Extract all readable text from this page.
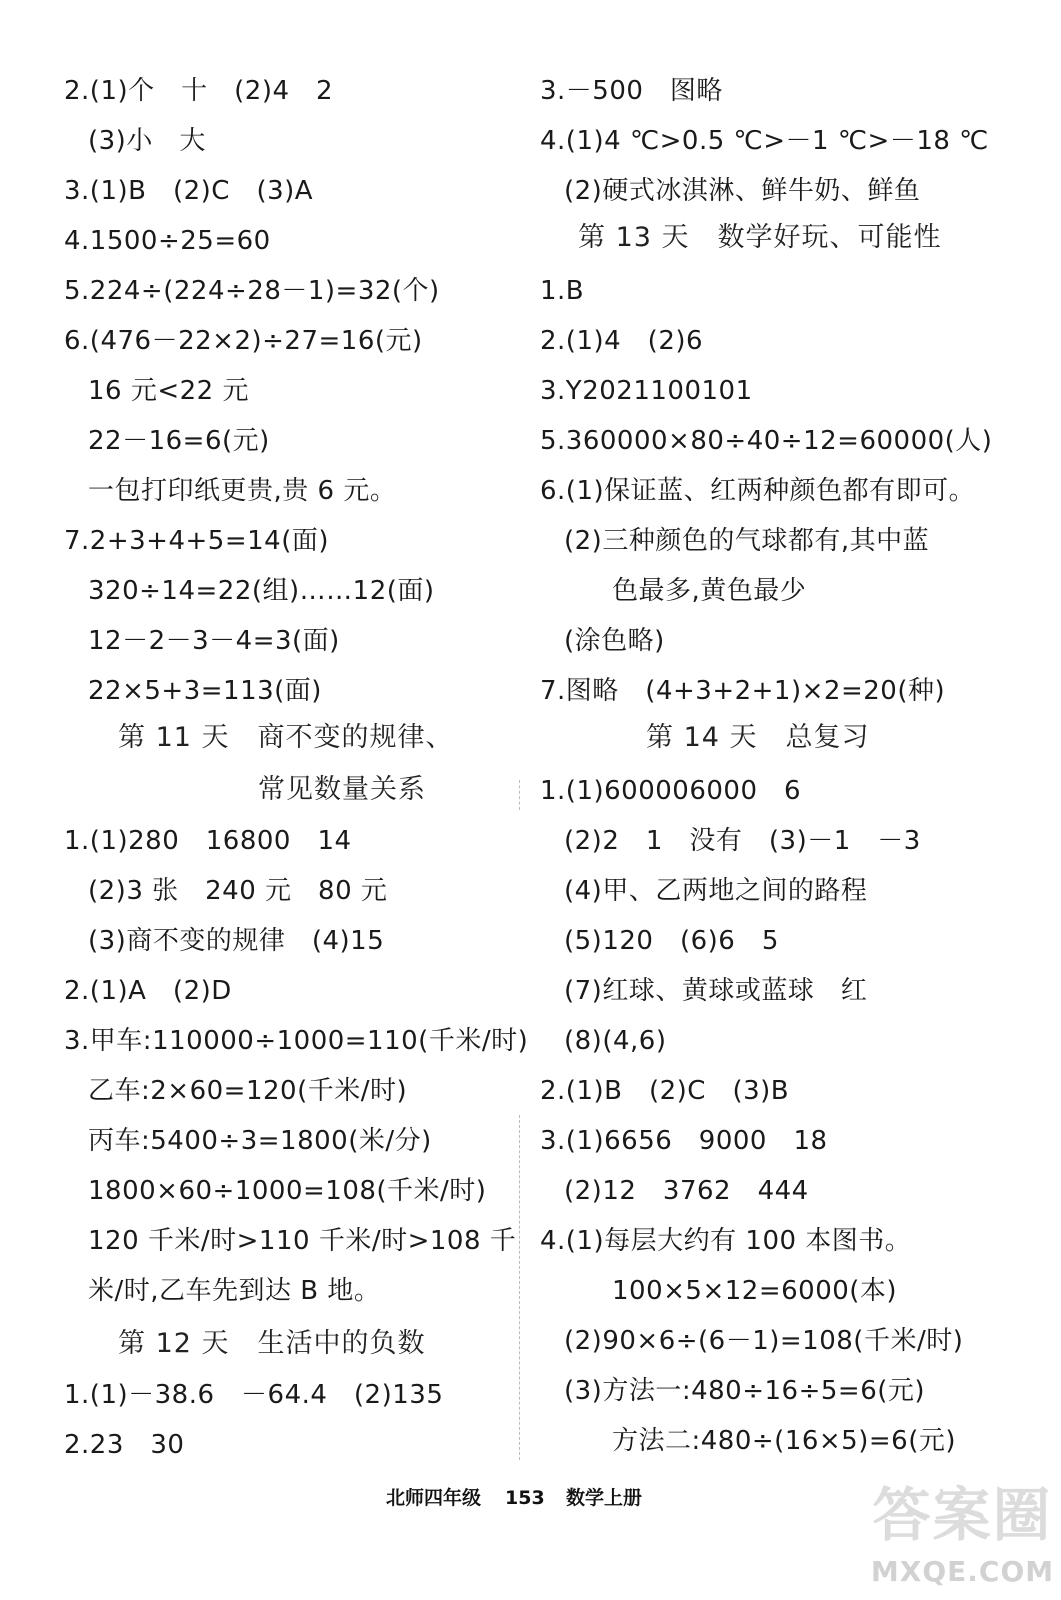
2.(1)个　十　(2)4　2
(3)小　大
3.(1)B　(2)C　(3)A
4.1500÷25=60
5.224÷(224÷28－1)=32(个)
6.(476－22×2)÷27=16(元)
16 元<22 元
22－16=6(元)
一包打印纸更贵,贵 6 元。
7.2+3+4+5=14(面)
320÷14=22(组)……12(面)
12－2－3－4=3(面)
22×5+3=113(面)
第 11 天　商不变的规律、
常见数量关系
1.(1)280　16800　14
(2)3 张　240 元　80 元
(3)商不变的规律　(4)15
2.(1)A　(2)D
3.甲车:110000÷1000=110(千米/时)
乙车:2×60=120(千米/时)
丙车:5400÷3=1800(米/分)
1800×60÷1000=108(千米/时)
120 千米/时>110 千米/时>108 千
米/时,乙车先到达 B 地。
第 12 天　生活中的负数
1.(1)－38.6　－64.4　(2)135
2.23　30
3.－500　图略
4.(1)4 ℃>0.5 ℃>－1 ℃>－18 ℃
(2)硬式冰淇淋、鲜牛奶、鲜鱼
第 13 天　数学好玩、可能性
1.B
2.(1)4　(2)6
3.Y2021100101
5.360000×80÷40÷12=60000(人)
6.(1)保证蓝、红两种颜色都有即可。
(2)三种颜色的气球都有,其中蓝
色最多,黄色最少
(涂色略)
7.图略　(4+3+2+1)×2=20(种)
第 14 天　总复习
1.(1)600006000　6
(2)2　1　没有　(3)－1　－3
(4)甲、乙两地之间的路程
(5)120　(6)6　5
(7)红球、黄球或蓝球　红
(8)(4,6)
2.(1)B　(2)C　(3)B
3.(1)6656　9000　18
(2)12　3762　444
4.(1)每层大约有 100 本图书。
100×5×12=6000(本)
(2)90×6÷(6－1)=108(千米/时)
(3)方法一:480÷16÷5=6(元)
方法二:480÷(16×5)=6(元)
北师四年级 153 数学上册	答案圈
MXQE.COM
